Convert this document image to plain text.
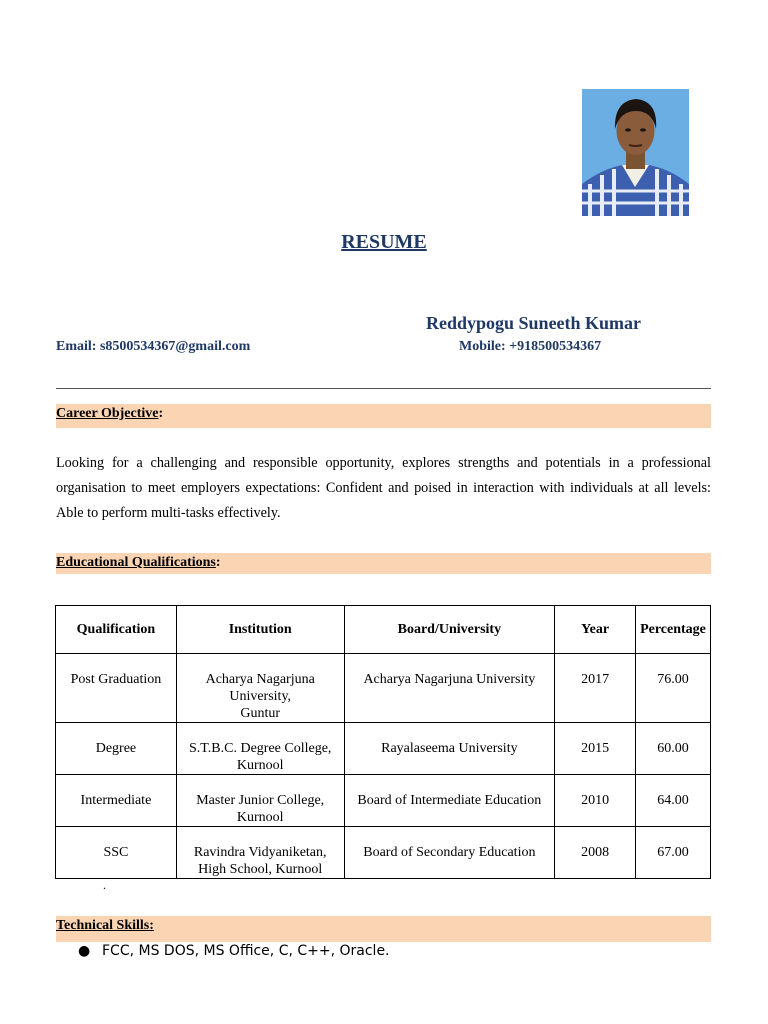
RESUME
Reddypogu Suneeth Kumar
Email: s8500534367@gmail.com	Mobile: +918500534367
Career Objective:
Looking for a challenging and responsible opportunity, explores strengths and potentials in a professional organisation to meet employers expectations: Confident and poised in interaction with individuals at all levels: Able to perform multi-tasks effectively.
Educational Qualifications:
Qualification	Institution	Board/University	Year	Percentage
Post Graduation	Acharya Nagarjuna
University,
Guntur	Acharya Nagarjuna University	2017	76.00
Degree	S.T.B.C. Degree College,
Kurnool	Rayalaseema University	2015	60.00
Intermediate	Master Junior College,
Kurnool	Board of Intermediate Education	2010	64.00
SSC	Ravindra Vidyaniketan,
High School, Kurnool	Board of Secondary Education	2008	67.00
.
Technical Skills:
● FCC, MS DOS, MS Office, C, C++, Oracle.
